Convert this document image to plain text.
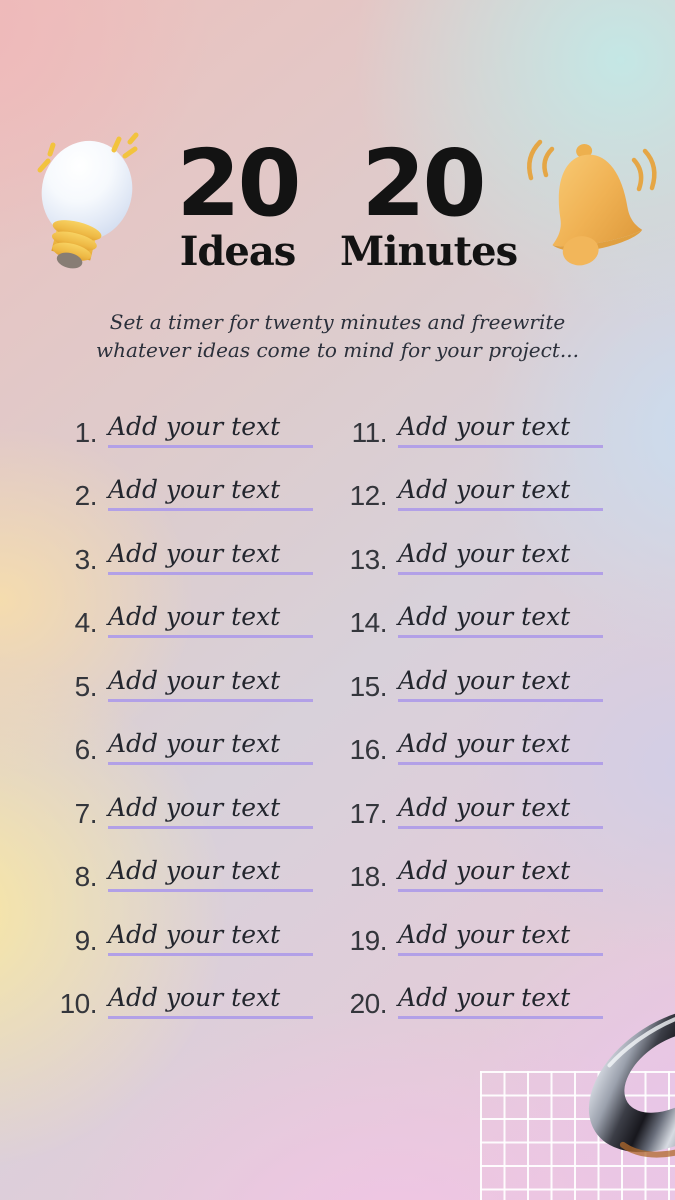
20
Ideas
20
Minutes
Set a timer for twenty minutes and freewrite
whatever ideas come to mind for your project...
1. Add your text
2. Add your text
3. Add your text
4. Add your text
5. Add your text
6. Add your text
7. Add your text
8. Add your text
9. Add your text
10. Add your text
11. Add your text
12. Add your text
13. Add your text
14. Add your text
15. Add your text
16. Add your text
17. Add your text
18. Add your text
19. Add your text
20. Add your text
